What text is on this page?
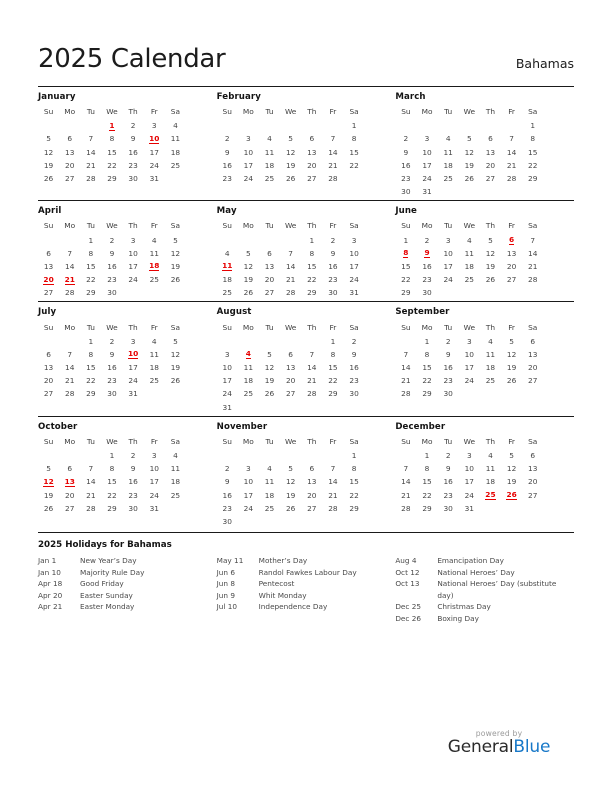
2025 Calendar	Bahamas
January
Su	Mo	Tu	We	Th	Fr	Sa
			1	2	3	4
5	6	7	8	9	10	11
12	13	14	15	16	17	18
19	20	21	22	23	24	25
26	27	28	29	30	31	
February
Su	Mo	Tu	We	Th	Fr	Sa
						1
2	3	4	5	6	7	8
9	10	11	12	13	14	15
16	17	18	19	20	21	22
23	24	25	26	27	28	
March
Su	Mo	Tu	We	Th	Fr	Sa
						1
2	3	4	5	6	7	8
9	10	11	12	13	14	15
16	17	18	19	20	21	22
23	24	25	26	27	28	29
30	31					
April
Su	Mo	Tu	We	Th	Fr	Sa
		1	2	3	4	5
6	7	8	9	10	11	12
13	14	15	16	17	18	19
20	21	22	23	24	25	26
27	28	29	30			
May
Su	Mo	Tu	We	Th	Fr	Sa
				1	2	3
4	5	6	7	8	9	10
11	12	13	14	15	16	17
18	19	20	21	22	23	24
25	26	27	28	29	30	31
June
Su	Mo	Tu	We	Th	Fr	Sa
1	2	3	4	5	6	7
8	9	10	11	12	13	14
15	16	17	18	19	20	21
22	23	24	25	26	27	28
29	30					
July
Su	Mo	Tu	We	Th	Fr	Sa
		1	2	3	4	5
6	7	8	9	10	11	12
13	14	15	16	17	18	19
20	21	22	23	24	25	26
27	28	29	30	31		
August
Su	Mo	Tu	We	Th	Fr	Sa
					1	2
3	4	5	6	7	8	9
10	11	12	13	14	15	16
17	18	19	20	21	22	23
24	25	26	27	28	29	30
31						
September
Su	Mo	Tu	We	Th	Fr	Sa
	1	2	3	4	5	6
7	8	9	10	11	12	13
14	15	16	17	18	19	20
21	22	23	24	25	26	27
28	29	30				
October
Su	Mo	Tu	We	Th	Fr	Sa
			1	2	3	4
5	6	7	8	9	10	11
12	13	14	15	16	17	18
19	20	21	22	23	24	25
26	27	28	29	30	31	
November
Su	Mo	Tu	We	Th	Fr	Sa
						1
2	3	4	5	6	7	8
9	10	11	12	13	14	15
16	17	18	19	20	21	22
23	24	25	26	27	28	29
30						
December
Su	Mo	Tu	We	Th	Fr	Sa
	1	2	3	4	5	6
7	8	9	10	11	12	13
14	15	16	17	18	19	20
21	22	23	24	25	26	27
28	29	30	31			
2025 Holidays for Bahamas
Jan 1	New Year’s Day
Jan 10	Majority Rule Day
Apr 18	Good Friday
Apr 20	Easter Sunday
Apr 21	Easter Monday
May 11	Mother’s Day
Jun 6	Randol Fawkes Labour Day
Jun 8	Pentecost
Jun 9	Whit Monday
Jul 10	Independence Day
Aug 4	Emancipation Day
Oct 12	National Heroes’ Day
Oct 13	National Heroes’ Day (substitute day)
Dec 25	Christmas Day
Dec 26	Boxing Day
powered by
GeneralBlue
